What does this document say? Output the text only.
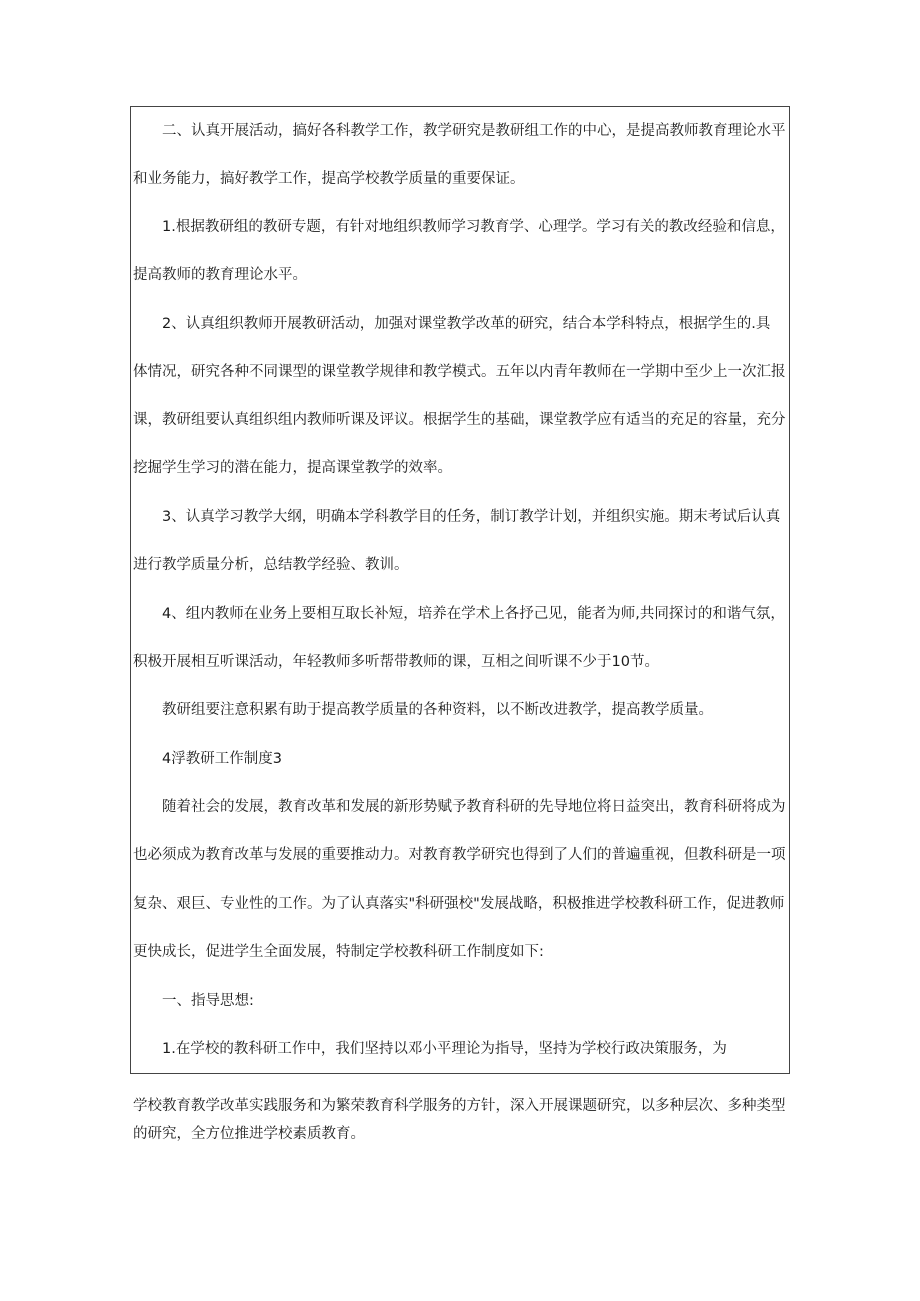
二、认真开展活动，搞好各科教学工作，教学研究是教研组工作的中心，是提高教师教育理论水平
和业务能力，搞好教学工作，提高学校教学质量的重要保证。
1.根据教研组的教研专题，有针对地组织教师学习教育学、心理学。学习有关的教改经验和信息，
提高教师的教育理论水平。
2、认真组织教师开展教研活动，加强对课堂教学改革的研究，结合本学科特点，根据学生的.具
体情况，研究各种不同课型的课堂教学规律和教学模式。五年以内青年教师在一学期中至少上一次汇报
课，教研组要认真组织组内教师听课及评议。根据学生的基础，课堂教学应有适当的充足的容量，充分
挖掘学生学习的潜在能力，提高课堂教学的效率。
3、认真学习教学大纲，明确本学科教学目的任务，制订教学计划，并组织实施。期末考试后认真
进行教学质量分析，总结教学经验、教训。
4、组内教师在业务上要相互取长补短，培养在学术上各抒己见，能者为师,共同探讨的和谐气氛，
积极开展相互听课活动，年轻教师多听帮带教师的课，互相之间听课不少于10节。
教研组要注意积累有助于提高教学质量的各种资料，以不断改进教学，提高教学质量。
4浮教研工作制度3
随着社会的发展，教育改革和发展的新形势赋予教育科研的先导地位将日益突出，教育科研将成为
也必须成为教育改革与发展的重要推动力。对教育教学研究也得到了人们的普遍重视，但教科研是一项
复杂、艰巨、专业性的工作。为了认真落实"科研强校"发展战略，积极推进学校教科研工作，促进教师
更快成长，促进学生全面发展，特制定学校教科研工作制度如下:
一、指导思想:
1.在学校的教科研工作中，我们坚持以邓小平理论为指导，坚持为学校行政决策服务，为
学校教育教学改革实践服务和为繁荣教育科学服务的方针，深入开展课题研究，以多种层次、多种类型
的研究，全方位推进学校素质教育。
